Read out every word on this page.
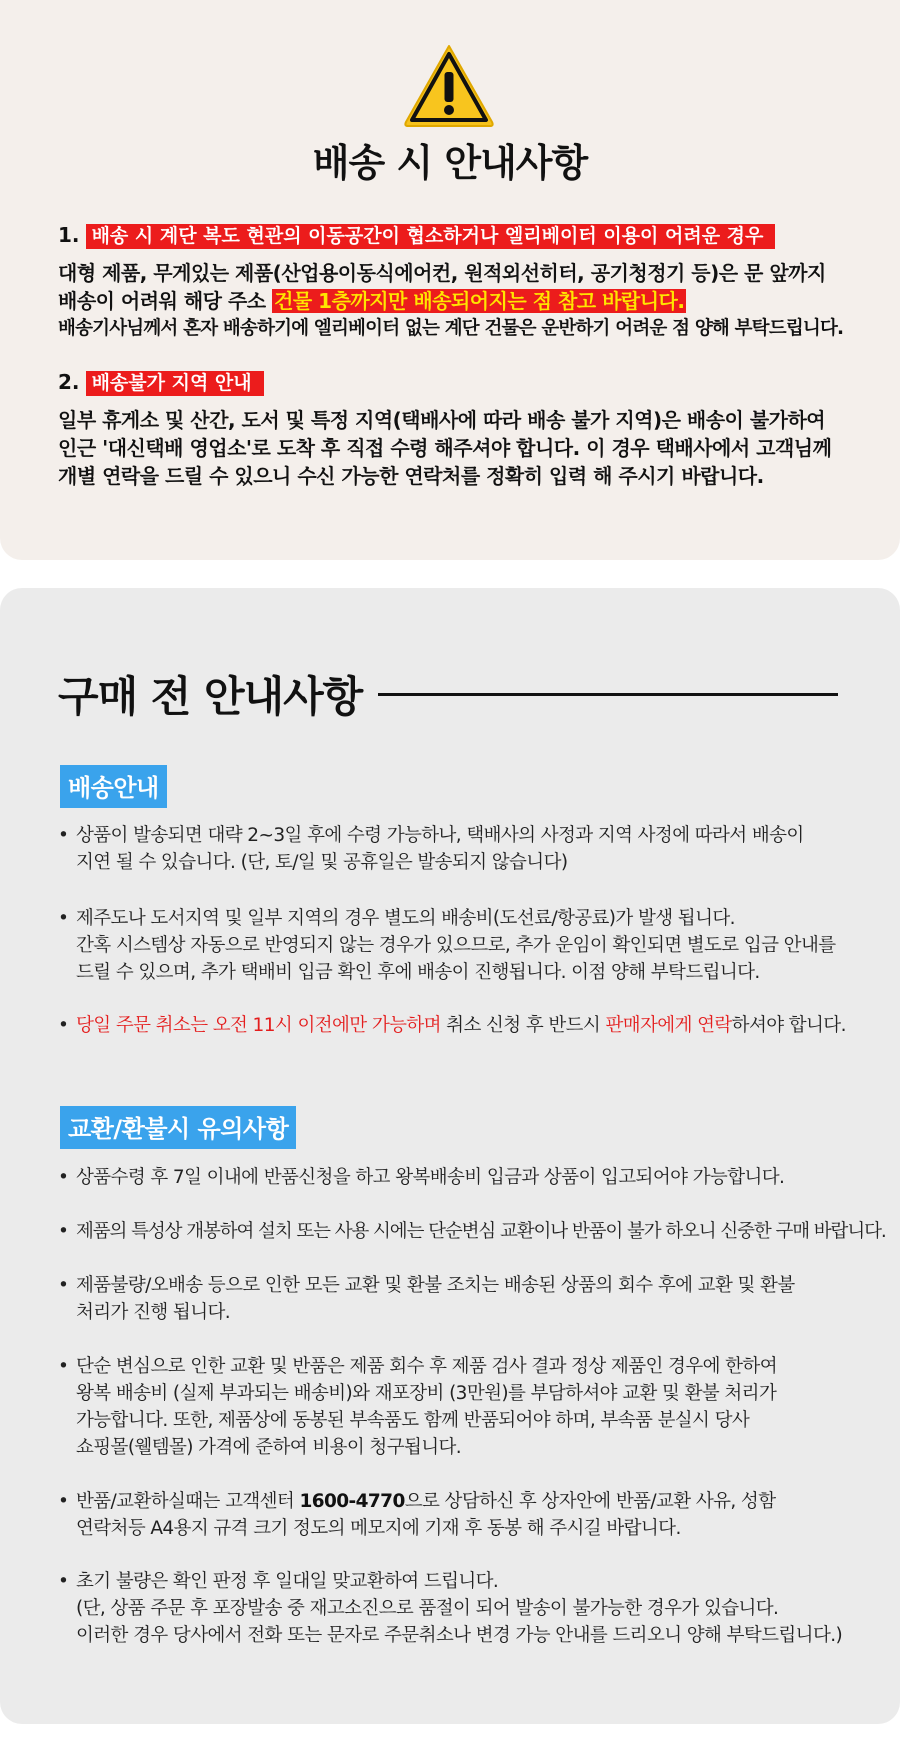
배송 시 안내사항
1. 배송 시 계단 복도 현관의 이동공간이 협소하거나 엘리베이터 이용이 어려운 경우
대형 제품, 무게있는 제품(산업용이동식에어컨, 원적외선히터, 공기청정기 등)은 문 앞까지
배송이 어려워 해당 주소 건물 1층까지만 배송되어지는 점 참고 바랍니다.
배송기사님께서 혼자 배송하기에 엘리베이터 없는 계단 건물은 운반하기 어려운 점 양해 부탁드립니다.
2. 배송불가 지역 안내
일부 휴게소 및 산간, 도서 및 특정 지역(택배사에 따라 배송 불가 지역)은 배송이 불가하여
인근 '대신택배 영업소'로 도착 후 직접 수령 해주셔야 합니다. 이 경우 택배사에서 고객님께
개별 연락을 드릴 수 있으니 수신 가능한 연락처를 정확히 입력 해 주시기 바랍니다.
구매 전 안내사항
배송안내
• 상품이 발송되면 대략 2~3일 후에 수령 가능하나, 택배사의 사정과 지역 사정에 따라서 배송이
지연 될 수 있습니다. (단, 토/일 및 공휴일은 발송되지 않습니다)
• 제주도나 도서지역 및 일부 지역의 경우 별도의 배송비(도선료/항공료)가 발생 됩니다.
간혹 시스템상 자동으로 반영되지 않는 경우가 있으므로, 추가 운임이 확인되면 별도로 입금 안내를
드릴 수 있으며, 추가 택배비 입금 확인 후에 배송이 진행됩니다. 이점 양해 부탁드립니다.
• 당일 주문 취소는 오전 11시 이전에만 가능하며 취소 신청 후 반드시 판매자에게 연락하셔야 합니다.
교환/환불시 유의사항
• 상품수령 후 7일 이내에 반품신청을 하고 왕복배송비 입금과 상품이 입고되어야 가능합니다.
• 제품의 특성상 개봉하여 설치 또는 사용 시에는 단순변심 교환이나 반품이 불가 하오니 신중한 구매 바랍니다.
• 제품불량/오배송 등으로 인한 모든 교환 및 환불 조치는 배송된 상품의 회수 후에 교환 및 환불
처리가 진행 됩니다.
• 단순 변심으로 인한 교환 및 반품은 제품 회수 후 제품 검사 결과 정상 제품인 경우에 한하여
왕복 배송비 (실제 부과되는 배송비)와 재포장비 (3만원)를 부담하셔야 교환 및 환불 처리가
가능합니다. 또한, 제품상에 동봉된 부속품도 함께 반품되어야 하며, 부속품 분실시 당사
쇼핑몰(웰템몰) 가격에 준하여 비용이 청구됩니다.
• 반품/교환하실때는 고객센터 1600-4770으로 상담하신 후 상자안에 반품/교환 사유, 성함
연락처등 A4용지 규격 크기 정도의 메모지에 기재 후 동봉 해 주시길 바랍니다.
• 초기 불량은 확인 판정 후 일대일 맞교환하여 드립니다.
(단, 상품 주문 후 포장발송 중 재고소진으로 품절이 되어 발송이 불가능한 경우가 있습니다.
이러한 경우 당사에서 전화 또는 문자로 주문취소나 변경 가능 안내를 드리오니 양해 부탁드립니다.)
